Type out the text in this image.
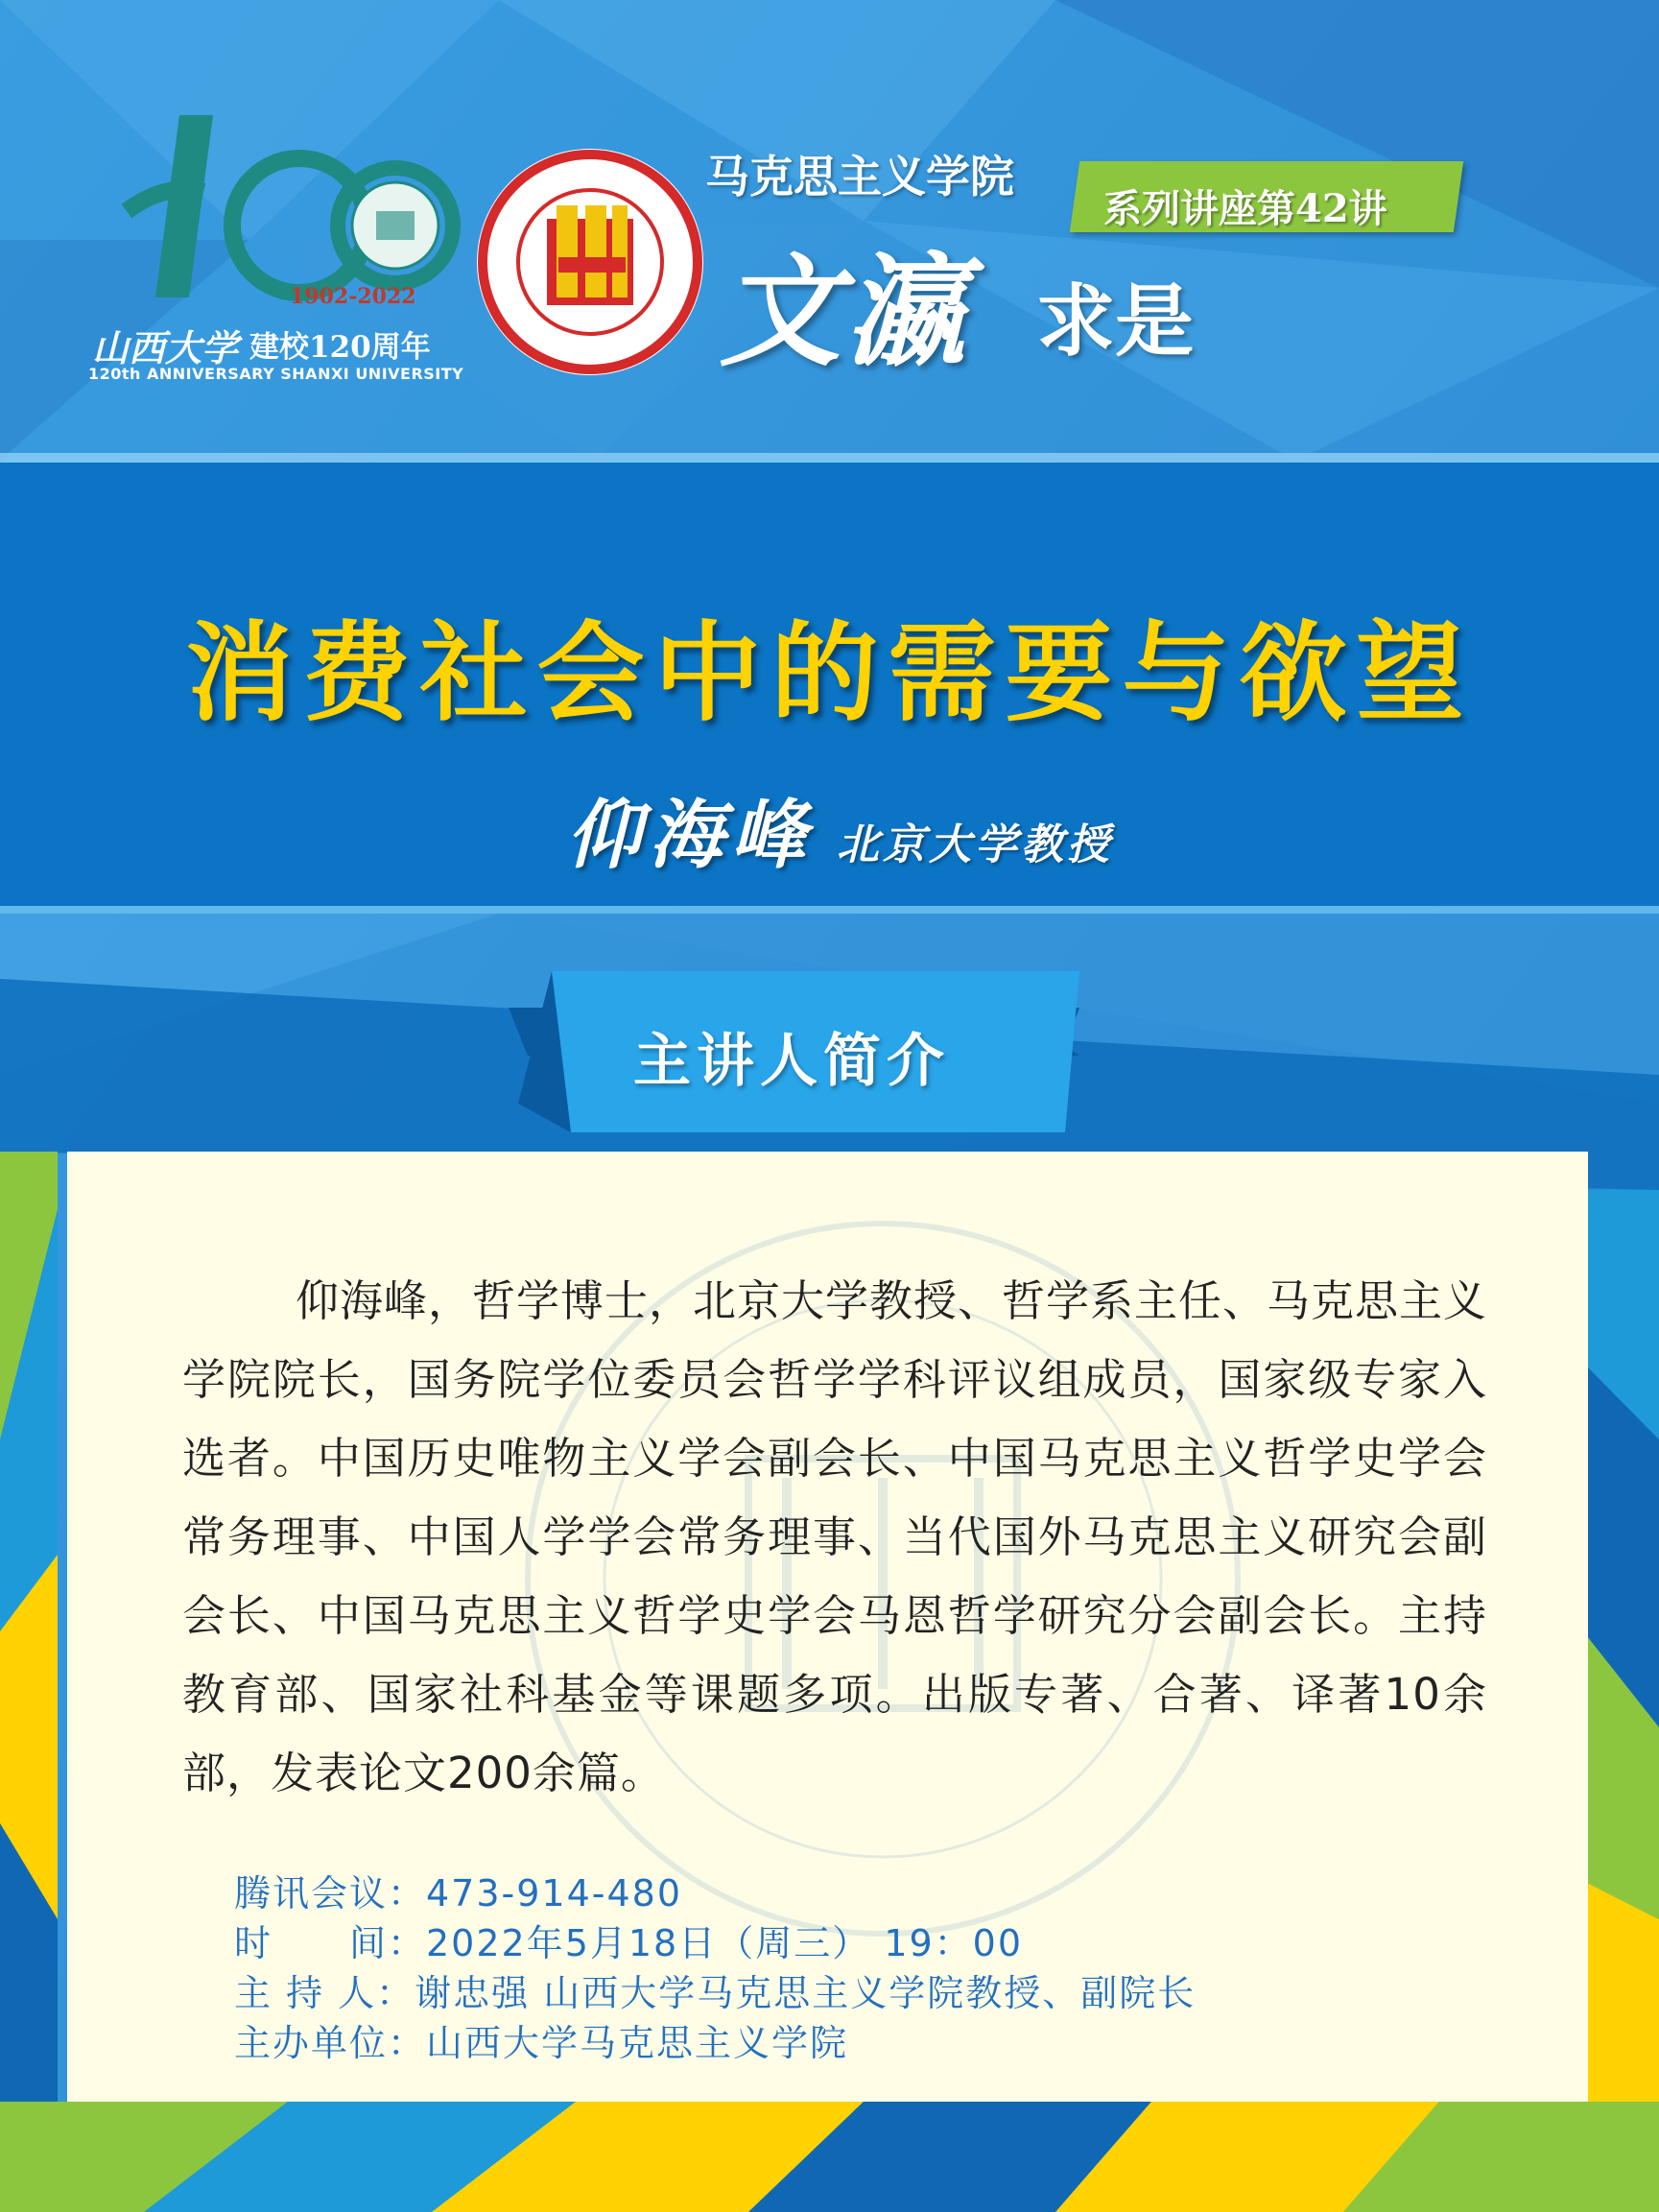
1902-2022
山西大学 建校120周年
120th ANNIVERSARY SHANXI UNIVERSITY
马克思主义学院
系列讲座第42讲
文瀛 求是
消费社会中的需要与欲望
仰海峰 北京大学教授
主讲人简介
仰海峰，哲学博士，北京大学教授、哲学系主任、马克思主义学院院长，国务院学位委员会哲学学科评议组成员，国家级专家入选者。中国历史唯物主义学会副会长、中国马克思主义哲学史学会常务理事、中国人学学会常务理事、当代国外马克思主义研究会副会长、中国马克思主义哲学史学会马恩哲学研究分会副会长。主持教育部、国家社科基金等课题多项。出版专著、合著、译著10余部，发表论文200余篇。
腾讯会议：473-914-480
时　　间：2022年5月18日（周三） 19：00
主 持 人：谢忠强 山西大学马克思主义学院教授、副院长
主办单位：山西大学马克思主义学院
